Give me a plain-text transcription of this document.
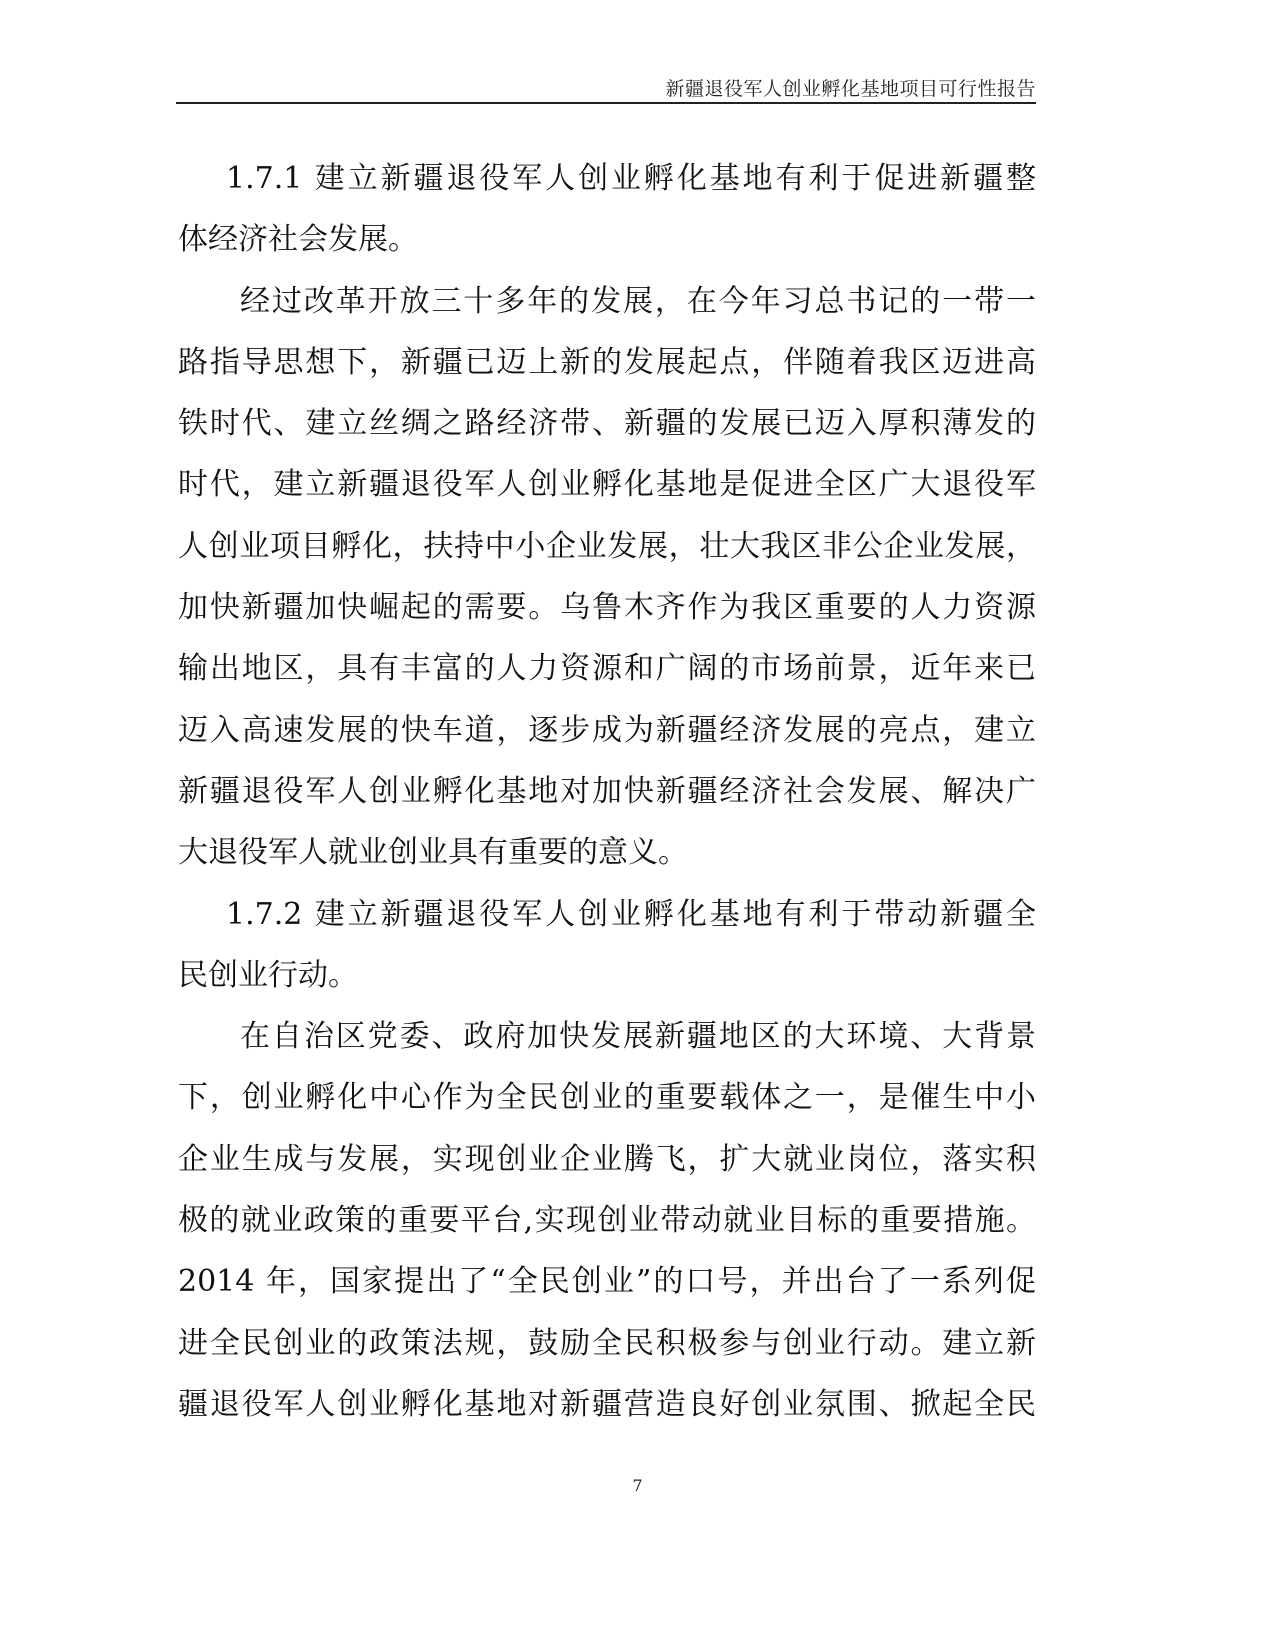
新疆退役军人创业孵化基地项目可行性报告
1.7.1 建立新疆退役军人创业孵化基地有利于促进新疆整
体经济社会发展。
经过改革开放三十多年的发展，在今年习总书记的一带一
路指导思想下，新疆已迈上新的发展起点，伴随着我区迈进高
铁时代、建立丝绸之路经济带、新疆的发展已迈入厚积薄发的
时代，建立新疆退役军人创业孵化基地是促进全区广大退役军
人创业项目孵化，扶持中小企业发展，壮大我区非公企业发展，
加快新疆加快崛起的需要。乌鲁木齐作为我区重要的人力资源
输出地区，具有丰富的人力资源和广阔的市场前景，近年来已
迈入高速发展的快车道，逐步成为新疆经济发展的亮点，建立
新疆退役军人创业孵化基地对加快新疆经济社会发展、解决广
大退役军人就业创业具有重要的意义。
1.7.2 建立新疆退役军人创业孵化基地有利于带动新疆全
民创业行动。
在自治区党委、政府加快发展新疆地区的大环境、大背景
下，创业孵化中心作为全民创业的重要载体之一，是催生中小
企业生成与发展，实现创业企业腾飞，扩大就业岗位，落实积
极的就业政策的重要平台,实现创业带动就业目标的重要措施。
2014 年，国家提出了“全民创业”的口号，并出台了一系列促
进全民创业的政策法规，鼓励全民积极参与创业行动。建立新
疆退役军人创业孵化基地对新疆营造良好创业氛围、掀起全民
7
